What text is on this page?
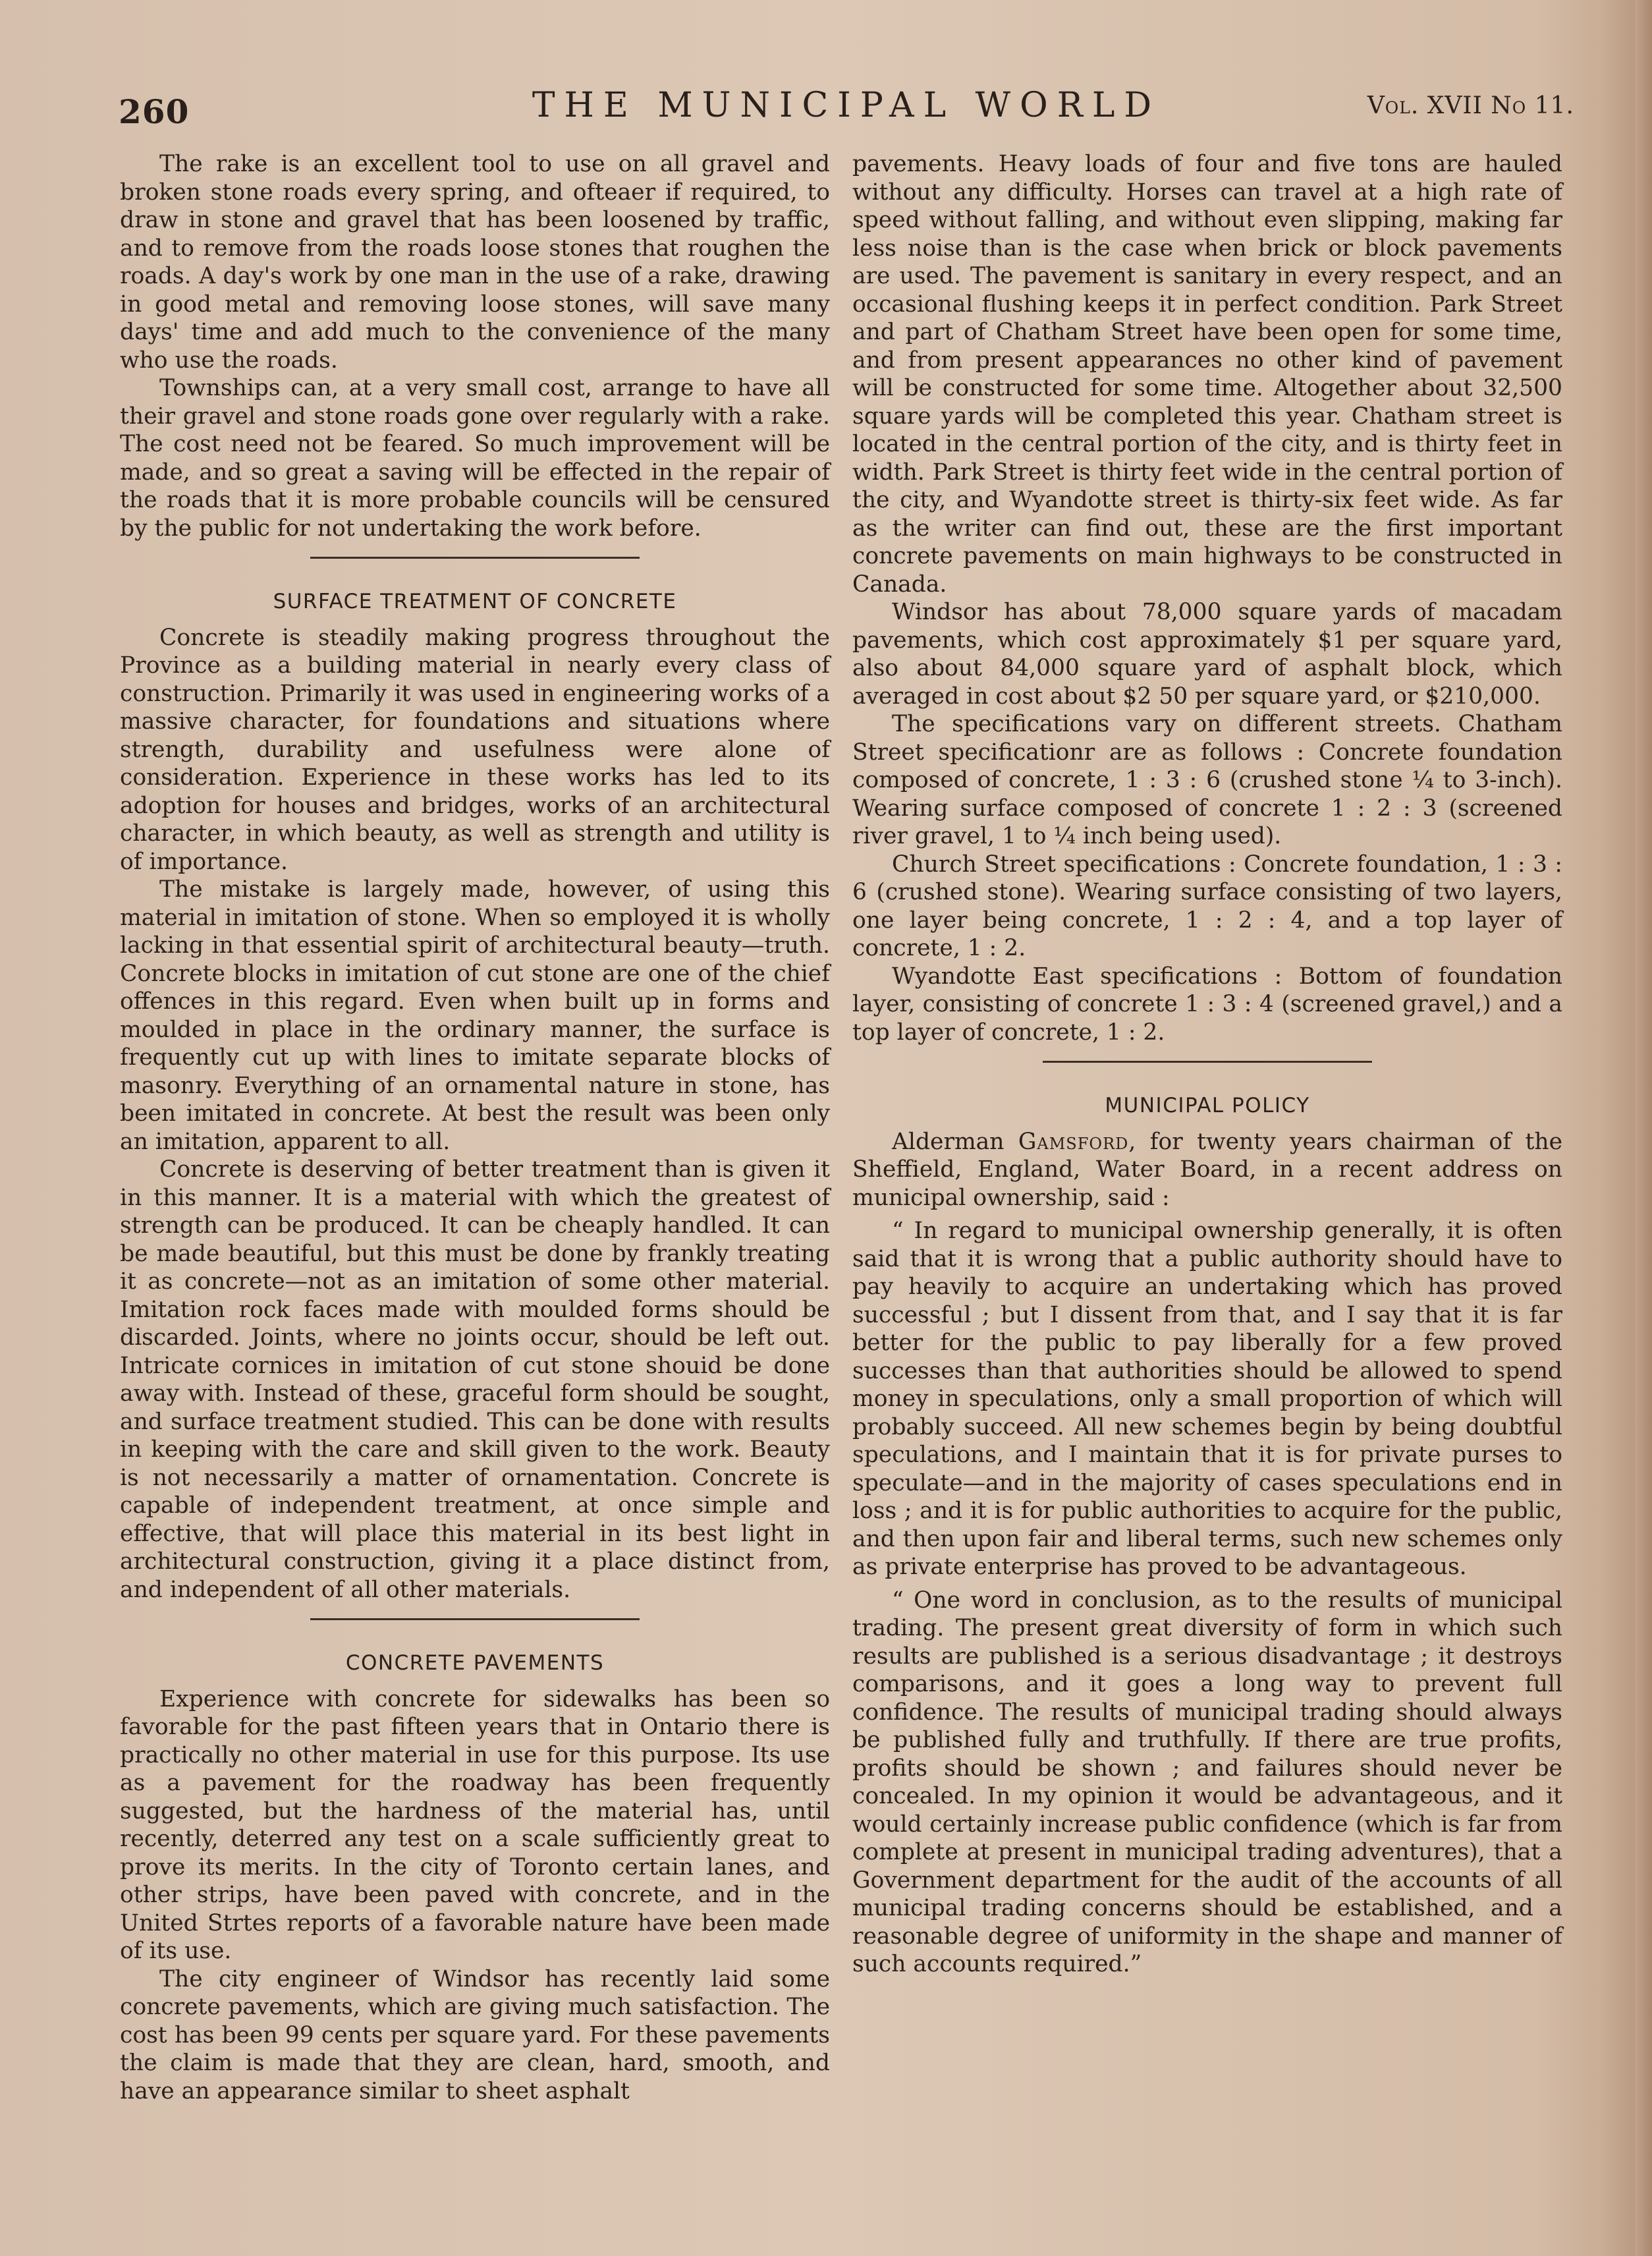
260	THE MUNICIPAL WORLD	Vol. XVII No 11.

The rake is an excellent tool to use on all gravel and broken stone roads every spring, and ofteaer if required, to draw in stone and gravel that has been loosened by traffic, and to remove from the roads loose stones that roughen the roads. A day's work by one man in the use of a rake, drawing in good metal and removing loose stones, will save many days' time and add much to the convenience of the many who use the roads.

Townships can, at a very small cost, arrange to have all their gravel and stone roads gone over regularly with a rake. The cost need not be feared. So much improvement will be made, and so great a saving will be effected in the repair of the roads that it is more probable councils will be censured by the public for not undertaking the work before.

SURFACE TREATMENT OF CONCRETE

Concrete is steadily making progress throughout the Province as a building material in nearly every class of construction. Primarily it was used in engineering works of a massive character, for foundations and situations where strength, durability and usefulness were alone of consideration. Experience in these works has led to its adoption for houses and bridges, works of an architectural character, in which beauty, as well as strength and utility is of importance.

The mistake is largely made, however, of using this material in imitation of stone. When so employed it is wholly lacking in that essential spirit of architectural beauty—truth. Concrete blocks in imitation of cut stone are one of the chief offences in this regard. Even when built up in forms and moulded in place in the ordinary manner, the surface is frequently cut up with lines to imitate separate blocks of masonry. Everything of an ornamental nature in stone, has been imitated in concrete. At best the result was been only an imitation, apparent to all.

Concrete is deserving of better treatment than is given it in this manner. It is a material with which the greatest of strength can be produced. It can be cheaply handled. It can be made beautiful, but this must be done by frankly treating it as concrete—not as an imitation of some other material. Imitation rock faces made with moulded forms should be discarded. Joints, where no joints occur, should be left out. Intricate cornices in imitation of cut stone shouid be done away with. Instead of these, graceful form should be sought, and surface treatment studied. This can be done with results in keeping with the care and skill given to the work. Beauty is not necessarily a matter of ornamentation. Concrete is capable of independent treatment, at once simple and effective, that will place this material in its best light in architectural construction, giving it a place distinct from, and independent of all other materials.

CONCRETE PAVEMENTS

Experience with concrete for sidewalks has been so favorable for the past fifteen years that in Ontario there is practically no other material in use for this purpose. Its use as a pavement for the roadway has been frequently suggested, but the hardness of the material has, until recently, deterred any test on a scale sufficiently great to prove its merits. In the city of Toronto certain lanes, and other strips, have been paved with concrete, and in the United Strtes reports of a favorable nature have been made of its use.

The city engineer of Windsor has recently laid some concrete pavements, which are giving much satisfaction. The cost has been 99 cents per square yard. For these pavements the claim is made that they are clean, hard, smooth, and have an appearance similar to sheet asphalt

pavements. Heavy loads of four and five tons are hauled without any difficulty. Horses can travel at a high rate of speed without falling, and without even slipping, making far less noise than is the case when brick or block pavements are used. The pavement is sanitary in every respect, and an occasional flushing keeps it in perfect condition. Park Street and part of Chatham Street have been open for some time, and from present appearances no other kind of pavement will be constructed for some time. Altogether about 32,500 square yards will be completed this year. Chatham street is located in the central portion of the city, and is thirty feet in width. Park Street is thirty feet wide in the central portion of the city, and Wyandotte street is thirty-six feet wide. As far as the writer can find out, these are the first important concrete pavements on main highways to be constructed in Canada.

Windsor has about 78,000 square yards of macadam pavements, which cost approximately $1 per square yard, also about 84,000 square yard of asphalt block, which averaged in cost about $2 50 per square yard, or $210,000.

The specifications vary on different streets. Chatham Street specificationr are as follows : Concrete foundation composed of concrete, 1 : 3 : 6 (crushed stone ¼ to 3-inch). Wearing surface composed of concrete 1 : 2 : 3 (screened river gravel, 1 to ¼ inch being used).

Church Street specifications : Concrete foundation, 1 : 3 : 6 (crushed stone). Wearing surface consisting of two layers, one layer being concrete, 1 : 2 : 4, and a top layer of concrete, 1 : 2.

Wyandotte East specifications : Bottom of foundation layer, consisting of concrete 1 : 3 : 4 (screened gravel,) and a top layer of concrete, 1 : 2.

MUNICIPAL POLICY

Alderman Gamsford, for twenty years chairman of the Sheffield, England, Water Board, in a recent address on municipal ownership, said :

“ In regard to municipal ownership generally, it is often said that it is wrong that a public authority should have to pay heavily to acquire an undertaking which has proved successful ; but I dissent from that, and I say that it is far better for the public to pay liberally for a few proved successes than that authorities should be allowed to spend money in speculations, only a small proportion of which will probably succeed. All new schemes begin by being doubtful speculations, and I maintain that it is for private purses to speculate—and in the majority of cases speculations end in loss ; and it is for public authorities to acquire for the public, and then upon fair and liberal terms, such new schemes only as private enterprise has proved to be advantageous.

“ One word in conclusion, as to the results of municipal trading. The present great diversity of form in which such results are published is a serious disadvantage ; it destroys comparisons, and it goes a long way to prevent full confidence. The results of municipal trading should always be published fully and truthfully. If there are true profits, profits should be shown ; and failures should never be concealed. In my opinion it would be advantageous, and it would certainly increase public confidence (which is far from complete at present in municipal trading adventures), that a Government department for the audit of the accounts of all municipal trading concerns should be established, and a reasonable degree of uniformity in the shape and manner of such accounts required.”
